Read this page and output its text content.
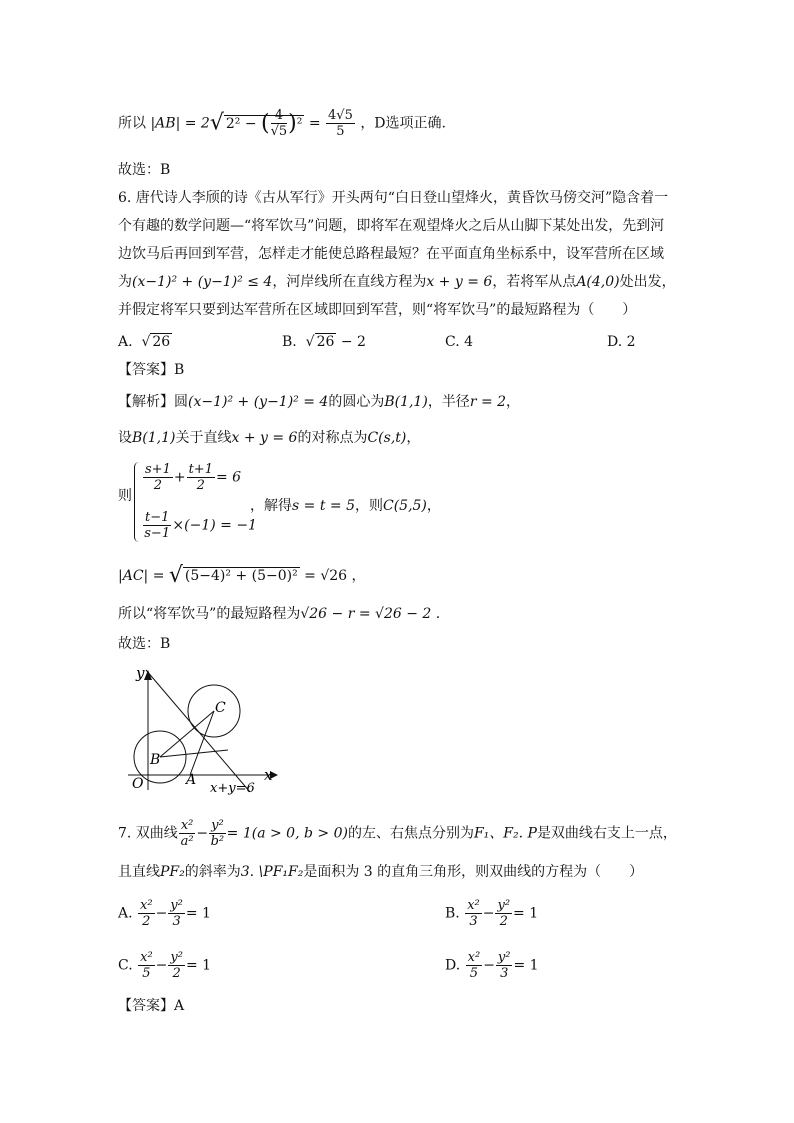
所以 |AB| = 2√ 2² − ( $\frac{4}{√5} )^2 = \frac{4√5}{5}$ ，D选项正确.
故选：B
6. 唐代诗人李颀的诗《古从军行》开头两句“白日登山望烽火，黄昏饮马傍交河”隐含着一
个有趣的数学问题—“将军饮马”问题，即将军在观望烽火之后从山脚下某处出发，先到河
边饮马后再回到军营，怎样走才能使总路程最短？在平面直角坐标系中，设军营所在区域
为(x−1)² + (y−1)² ≤ 4，河岸线所在直线方程为x + y = 6，若将军从点A(4,0)处出发，
并假定将军只要到达军营所在区域即回到军营，则“将军饮马”的最短路程为（　　）
A.  √ 26	B.  √ 26 − 2	C. 4	D. 2
【答案】B
【解析】圆(x−1)² + (y−1)² = 4的圆心为B(1,1)，半径r = 2，
设B(1,1)关于直线x + y = 6的对称点为C(s,t)，
则
$\frac{s+1}{2} + \frac{t+1}{2} = 6$
$\frac{t-1}{s-1} \times(-1) = -1$
，解得s = t = 5，则C(5,5)，
|AC| = √ (5−4)² + (5−0)² = √26 ，
所以“将军饮马”的最短路程为√26 − r = √26 − 2 .
故选：B
y
x
O	A
B
C
x+y=6
7. 双曲线 $\frac{\text{x²}}{\text{a²}} - \frac{\text{y²}}{\text{b²}} = 1(a > 0$, b > 0)的左、右焦点分别为F₁、F₂. P是双曲线右支上一点，
且直线PF₂的斜率为3. \PF₁F₂是面积为 3 的直角三角形，则双曲线的方程为（　　）
A. $\frac{\text{x²}}{2} - \frac{\text{y²}}{3} = 1$	B. $\frac{\text{x²}}{3} - \frac{\text{y²}}{2} = 1$
C. $\frac{\text{x²}}{5} - \frac{\text{y²}}{2} = 1$	D. $\frac{\text{x²}}{5} - \frac{\text{y²}}{3} = 1$
【答案】A
